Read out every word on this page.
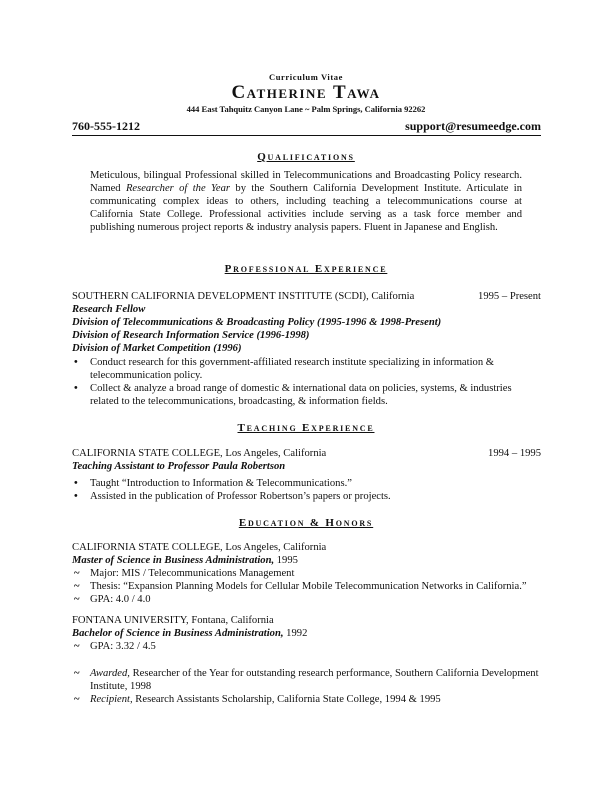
Curriculum Vitae
Catherine Tawa
444 East Tahquitz Canyon Lane ~ Palm Springs, California 92262
760-555-1212	support@resumeedge.com
Qualifications
Meticulous, bilingual Professional skilled in Telecommunications and Broadcasting Policy research. Named Researcher of the Year by the Southern California Development Institute. Articulate in communicating complex ideas to others, including teaching a telecommunications course at California State College. Professional activities include serving as a task force member and publishing numerous project reports & industry analysis papers. Fluent in Japanese and English.
Professional Experience
SOUTHERN CALIFORNIA DEVELOPMENT INSTITUTE (SCDI), California	1995 – Present
Research Fellow
Division of Telecommunications & Broadcasting Policy (1995-1996 & 1998-Present)
Division of Research Information Service (1996-1998)
Division of Market Competition (1996)
•	Conduct research for this government-affiliated research institute specializing in information & telecommunication policy.
•	Collect & analyze a broad range of domestic & international data on policies, systems, & industries related to the telecommunications, broadcasting, & information fields.
Teaching Experience
CALIFORNIA STATE COLLEGE, Los Angeles, California	1994 – 1995
Teaching Assistant to Professor Paula Robertson
•	Taught “Introduction to Information & Telecommunications.”
•	Assisted in the publication of Professor Robertson’s papers or projects.
Education & Honors
CALIFORNIA STATE COLLEGE, Los Angeles, California
Master of Science in Business Administration, 1995
~ Major: MIS / Telecommunications Management
~ Thesis: “Expansion Planning Models for Cellular Mobile Telecommunication Networks in California.”
~ GPA: 4.0 / 4.0
FONTANA UNIVERSITY, Fontana, California
Bachelor of Science in Business Administration, 1992
~ GPA: 3.32 / 4.5
~ Awarded, Researcher of the Year for outstanding research performance, Southern California Development Institute, 1998
~ Recipient, Research Assistants Scholarship, California State College, 1994 & 1995
